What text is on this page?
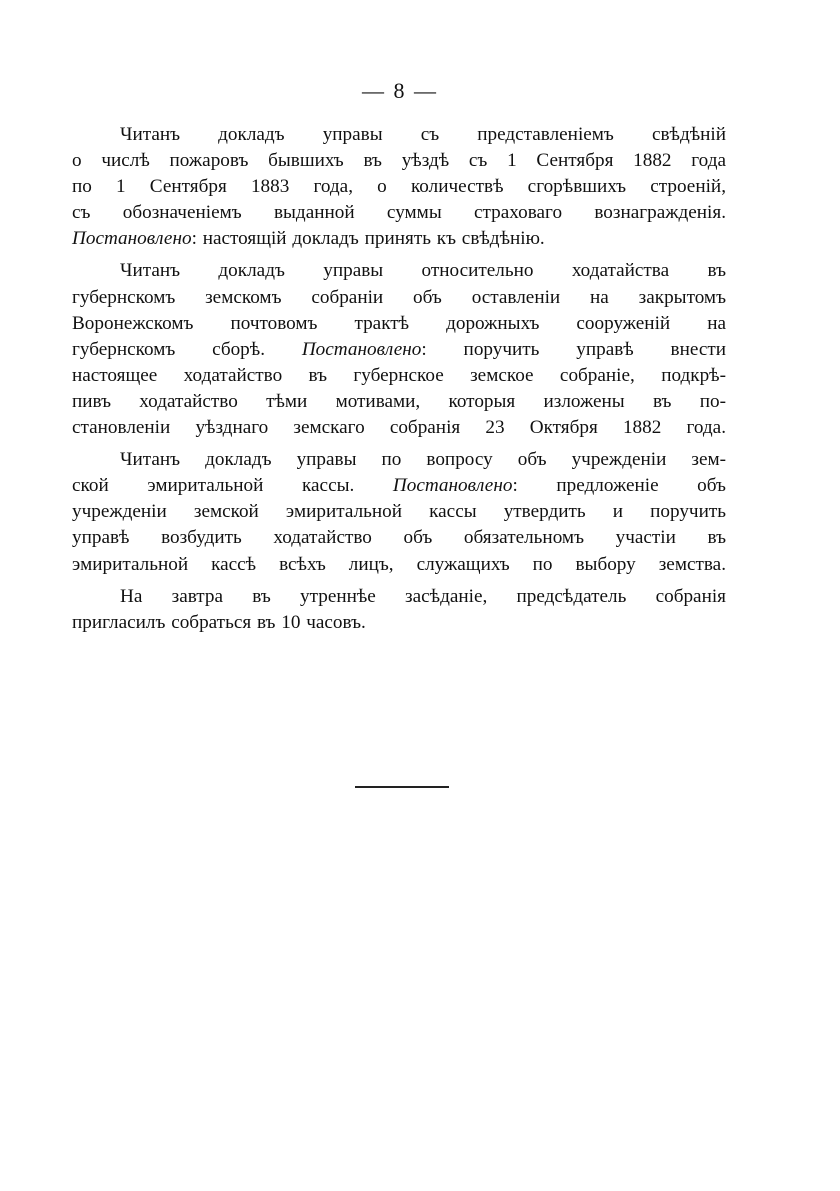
— 8 —
Читанъ докладъ управы съ представленіемъ свѣдѣній
о числѣ пожаровъ бывшихъ въ уѣздѣ съ 1 Сентября 1882 года
по 1 Сентября 1883 года, о количествѣ сгорѣвшихъ строеній,
съ обозначеніемъ выданной суммы страховаго вознагражденія.
Постановлено: настоящій докладъ принять къ свѣдѣнію.
Читанъ докладъ управы относительно ходатайства въ
губернскомъ земскомъ собраніи объ оставленіи на закрытомъ
Воронежскомъ почтовомъ трактѣ дорожныхъ сооруженій на
губернскомъ сборѣ. Постановлено: поручить управѣ внести
настоящее ходатайство въ губернское земское собраніе, подкрѣ-
пивъ ходатайство тѣми мотивами, которыя изложены въ по-
становленіи уѣзднаго земскаго собранія 23 Октября 1882 года.
Читанъ докладъ управы по вопросу объ учрежденіи зем-
ской эмиритальной кассы. Постановлено: предложеніе объ
учрежденіи земской эмиритальной кассы утвердить и поручить
управѣ возбудить ходатайство объ обязательномъ участіи въ
эмиритальной кассѣ всѣхъ лицъ, служащихъ по выбору земства.
На завтра въ утреннѣе засѣданіе, предсѣдатель собранія
пригласилъ собраться въ 10 часовъ.
